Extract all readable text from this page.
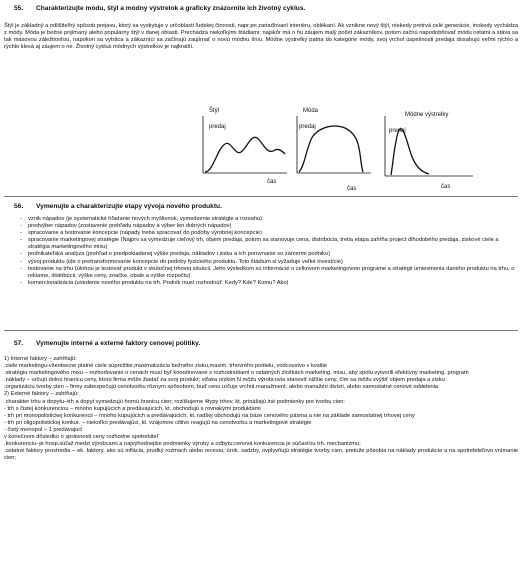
55. Charakterizujte módu, štýl a módny výstrelok a graficky znázornite ich životný cyklus.

Štýl je základný a odlišiteľný spôsob prejavu, ktorý sa vyskytuje v určoblasti ľudskej činnosti, napr.pri zariaďovaní interiéru, oblékaní. Ak vznikne nový štýl, niekedy pretrvá celé generácie, inokedy vychádza z módy. Móda je bežne prijímaný alebo populárny štýl v danej oblasti. Prechádza niekoľkými štádiami: najskôr má o ňu záujem malý počet zákazníkov, potom začnú napodobňovať módu ostatní a stáva sa tak masovou záležitosťou, napokon sa vytráca a zákazníci sa začínajú zaujímať o novú módnu líniu. Módne výstrelky patria do kategórie módy, svoj vrchol úspešnosti predaja dosahujú veľmi rýchlo a rýchlo klesá aj záujem o ne. Životný cyklus módnych výstrelkov je najkratší.

Štýl
predaj
čas
Móda
predaj
čas
Módne výstrelky
predaj
čas
56. Vymenujte a charakterizujte etapy vývoja nového produktu.
- vznik nápadov (je systematické hľadanie nových myšlienok, vymedzenie stratégie a rozsahu)
- predvýber nápadov (zostavenie prehľadu nápadov a výber len dobrých nápadov)
- spracovanie a testovanie koncepcie (nápady treba spracovať do podoby výrobnej koncepcie)
- spracovanie marketingovej stratégie (Najprv sa vymedzuje cieľový trh, objem predaja, potom sa stanovuje cena, distribúcia, tretia etapa zahŕňa project dlhodobého predaja, ziskové ciele a stratégia marketingového mixu)
- podnikateľská analýza (prehľad o predpokladanej výške predaja, nákladov i zisku a ich porovnanie so zámermi podniku)
- vývoj produktu (ide o pretransformovanie koncepcie do podoby fyzického produktu. Toto štádium si vyžaduje veľké investície)
- testovanie na trhu (úlohou je testovať produkt v skutočnej trhovej situácii. Jeho výsledkom sú informácie o celkovom marketingovom programe a stratégii umiestnenia daného produktu na trhu, o reklame, distribúcii, výške ceny, značke, obale a výške rozpočtu)
- komercionalizácia (uvedenie nového produktu na trh. Podnik musí rozhodnúť: Kedy? Kde? Komu? Ako)
57. Vymenujte interné a externé faktory cenovej politiky.

1) Interné faktory – zahŕňajú:

.ciele marketingu-všeobecne platné ciele súprežitie,maximalizácia bežného zisku,maxim. trhovrého podielu, vodcovstvo v kvalite

.stratégiu marketingového mixu – rozhodovanie o cenách musí byť koordinované s rozhodnutiami o ostatných zložkách marketing. mixu, aby spolu vytvorili efektívny marketing. program

.náklady – určujú dolnú hranicu ceny, ktorú firma môže žiadať za svoj produkt; vďaka nízkim N môžu výrobcovia stanoviť nižšie ceny, čím sa môžu zvýšiť objem predaja a zisku

.organizáciu tvorby cien – firmy zabezpečujú cenotvorbu rôznym spôsobom, buď cenu určuje vrchol.manažment, alebo manažéri divízií, alebo samostatné cenové oddelenia

2) Externé faktory – zahŕňajú:

.charakter trhu a dopytu–trh a dopyt vymedzujú hornú hranicu cien; rozlišujeme 4typy trhov, kt. prinášajú iné podmienky pre tvorbu cien:

- trh s čistej konkurenciou – mnoho kupujúcich a predávajúcich, kt. obchodujú s rovnakými produktami

- trh pri monopolistickej konkurencii – mnoho kupujúcich a predávajúcich, kt. radšej obchodujú na báze cenového pásma a nie na základe samostatnej trhovej ceny

- trh pri oligopolistickej konkur. – niekoľko predávajúci, kt. vzájomne citlivo reagujú na cenotvorbu a marketingové stratégie

- čistý monopol – 1 predávajúci

v konečnom dôsledku o správnosti ceny rozhodne spotrebiteľ

.konkurenciu–je hosp.súťaž medzi výrobcami a najvýhodnejšie podmienky výroby a odbytu;cenová konkurencia je súčasťou trh. mechanizmu;

.ostatné faktory prostredia – ek. faktory, ako sú inflácia, prudký rozmach alebo recesia, úrok. sadzby, ovplyvňujú stratégie tvorby cien, pretože pôsobia na náklady produkcie a na spotrebiteľovo vnímanie cien;
